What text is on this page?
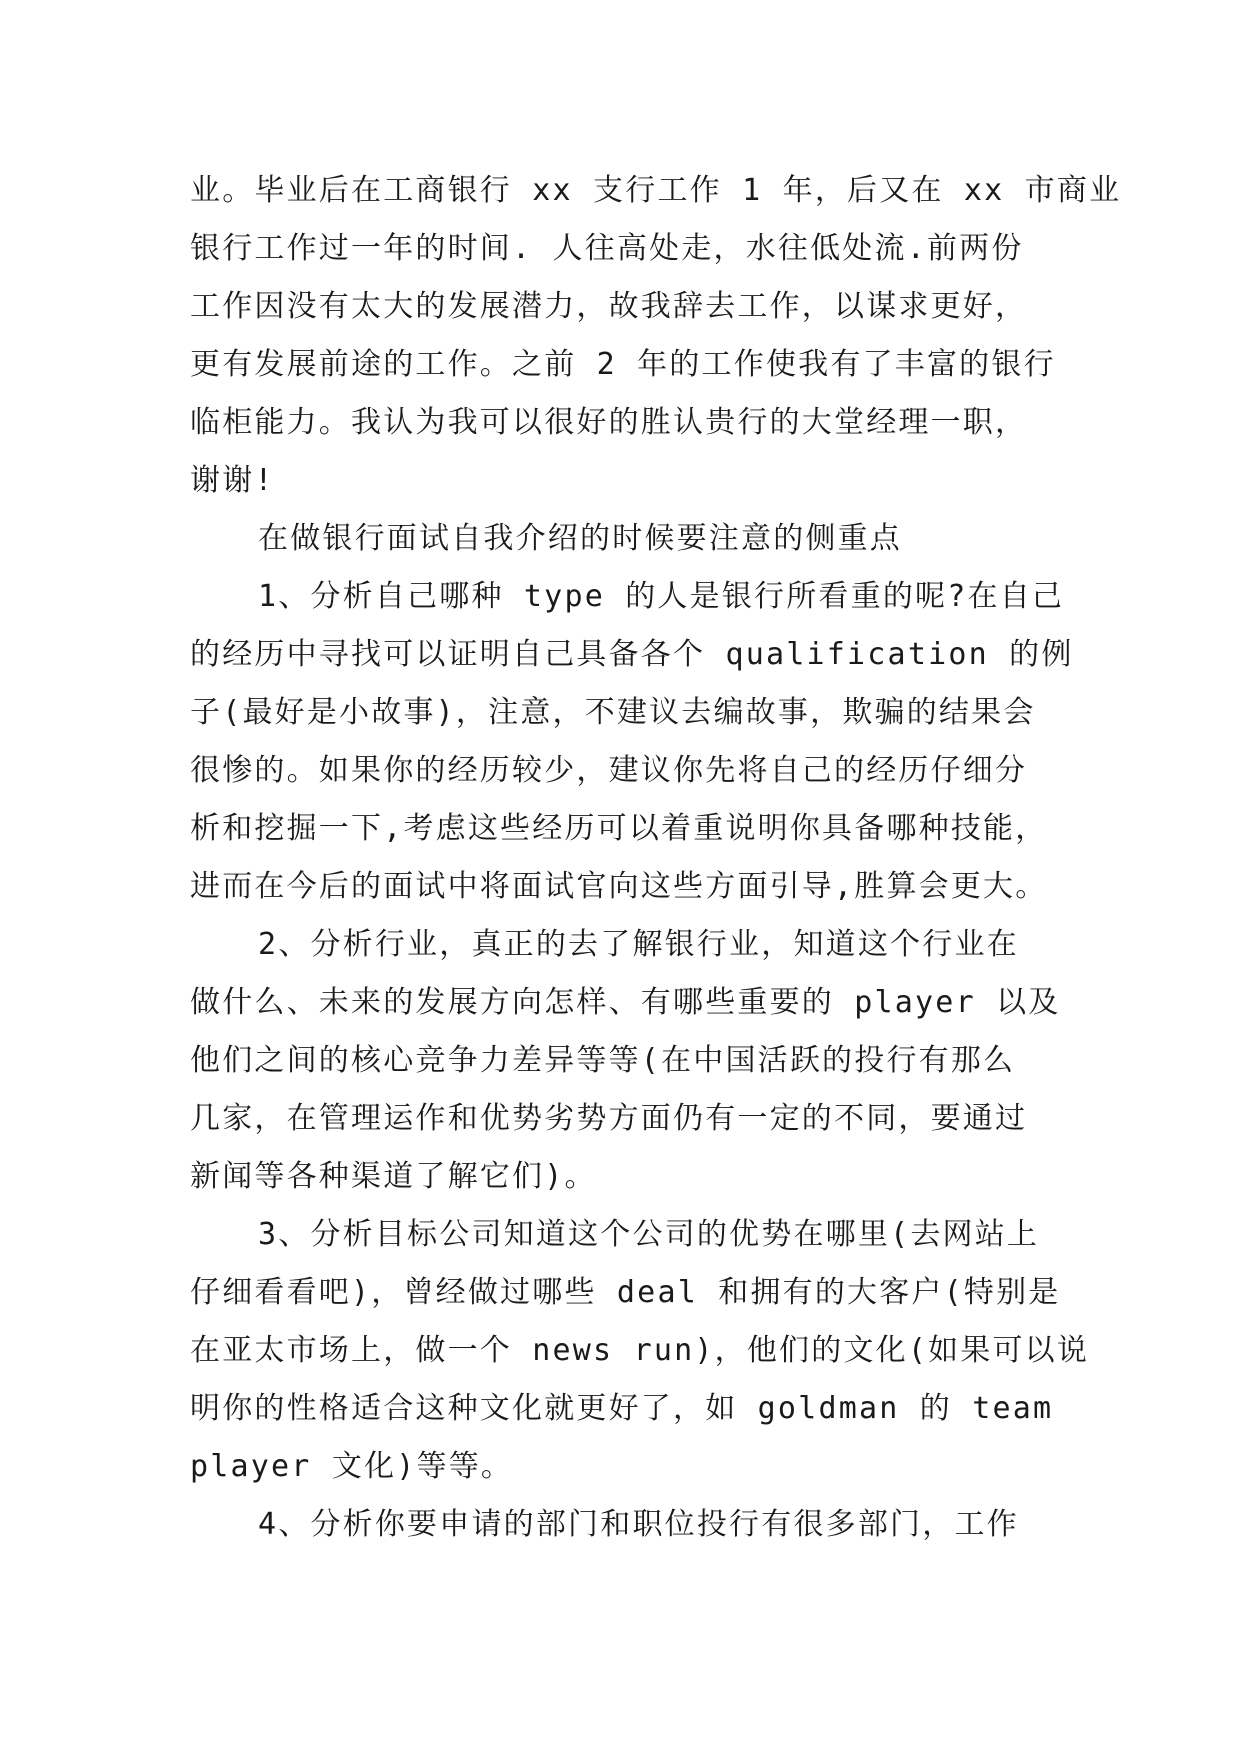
业。毕业后在工商银行 xx 支行工作 1 年，后又在 xx 市商业
银行工作过一年的时间. 人往高处走，水往低处流.前两份
工作因没有太大的发展潜力，故我辞去工作，以谋求更好，
更有发展前途的工作。之前 2 年的工作使我有了丰富的银行
临柜能力。我认为我可以很好的胜认贵行的大堂经理一职，
谢谢!
在做银行面试自我介绍的时候要注意的侧重点
1、分析自己哪种 type 的人是银行所看重的呢?在自己
的经历中寻找可以证明自己具备各个 qualification 的例
子(最好是小故事)，注意，不建议去编故事，欺骗的结果会
很惨的。如果你的经历较少，建议你先将自己的经历仔细分
析和挖掘一下,考虑这些经历可以着重说明你具备哪种技能，
进而在今后的面试中将面试官向这些方面引导,胜算会更大。
2、分析行业，真正的去了解银行业，知道这个行业在
做什么、未来的发展方向怎样、有哪些重要的 player 以及
他们之间的核心竞争力差异等等(在中国活跃的投行有那么
几家，在管理运作和优势劣势方面仍有一定的不同，要通过
新闻等各种渠道了解它们)。
3、分析目标公司知道这个公司的优势在哪里(去网站上
仔细看看吧)，曾经做过哪些 deal 和拥有的大客户(特别是
在亚太市场上，做一个 news run)，他们的文化(如果可以说
明你的性格适合这种文化就更好了，如 goldman 的 team
player 文化)等等。
4、分析你要申请的部门和职位投行有很多部门，工作
